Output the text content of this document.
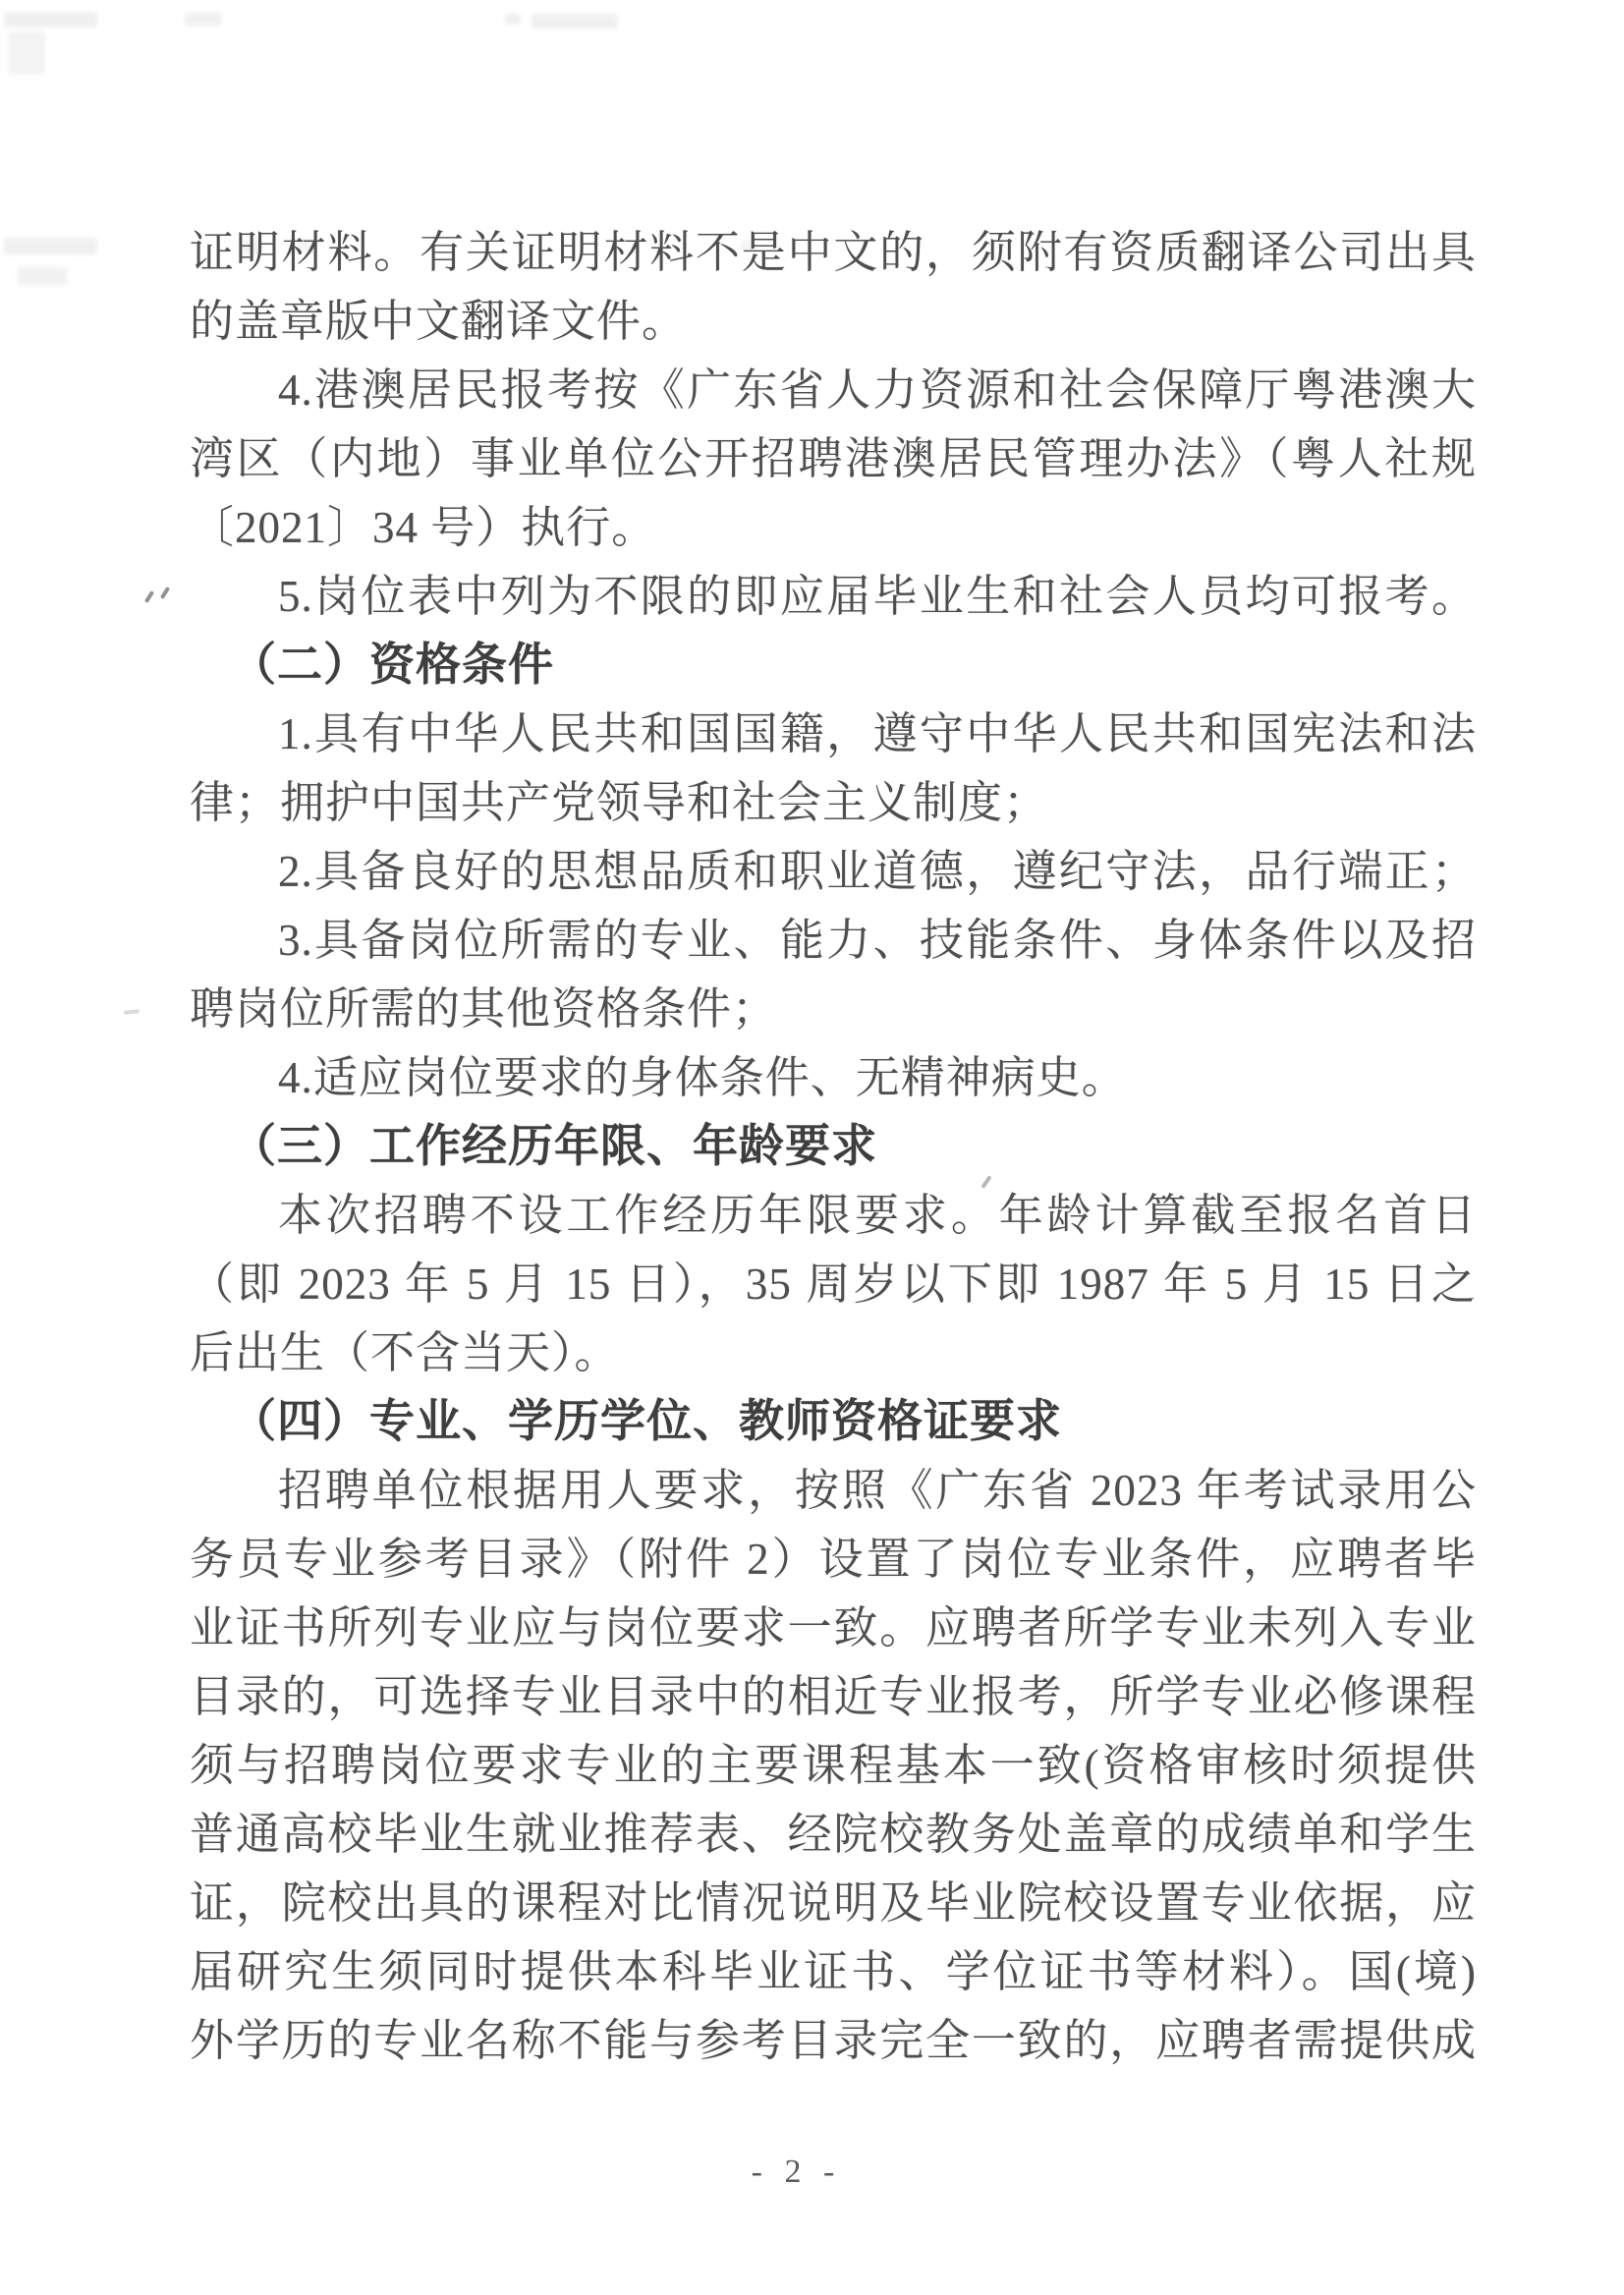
证明材料。有关证明材料不是中文的，须附有资质翻译公司出具
的盖章版中文翻译文件。
4.港澳居民报考按《广东省人力资源和社会保障厅粤港澳大
湾区（内地）事业单位公开招聘港澳居民管理办法》（粤人社规
〔2021〕34 号）执行。
5.岗位表中列为不限的即应届毕业生和社会人员均可报考。
（二）资格条件
1.具有中华人民共和国国籍，遵守中华人民共和国宪法和法
律；拥护中国共产党领导和社会主义制度；
2.具备良好的思想品质和职业道德，遵纪守法，品行端正；
3.具备岗位所需的专业、能力、技能条件、身体条件以及招
聘岗位所需的其他资格条件；
4.适应岗位要求的身体条件、无精神病史。
（三）工作经历年限、年龄要求
本次招聘不设工作经历年限要求。年龄计算截至报名首日
（即 2023 年 5 月 15 日），35 周岁以下即 1987 年 5 月 15 日之
后出生（不含当天）。
（四）专业、学历学位、教师资格证要求
招聘单位根据用人要求，按照《广东省 2023 年考试录用公
务员专业参考目录》（附件 2）设置了岗位专业条件，应聘者毕
业证书所列专业应与岗位要求一致。应聘者所学专业未列入专业
目录的，可选择专业目录中的相近专业报考，所学专业必修课程
须与招聘岗位要求专业的主要课程基本一致(资格审核时须提供
普通高校毕业生就业推荐表、经院校教务处盖章的成绩单和学生
证，院校出具的课程对比情况说明及毕业院校设置专业依据，应
届研究生须同时提供本科毕业证书、学位证书等材料）。国(境)
外学历的专业名称不能与参考目录完全一致的，应聘者需提供成
- 2 -
